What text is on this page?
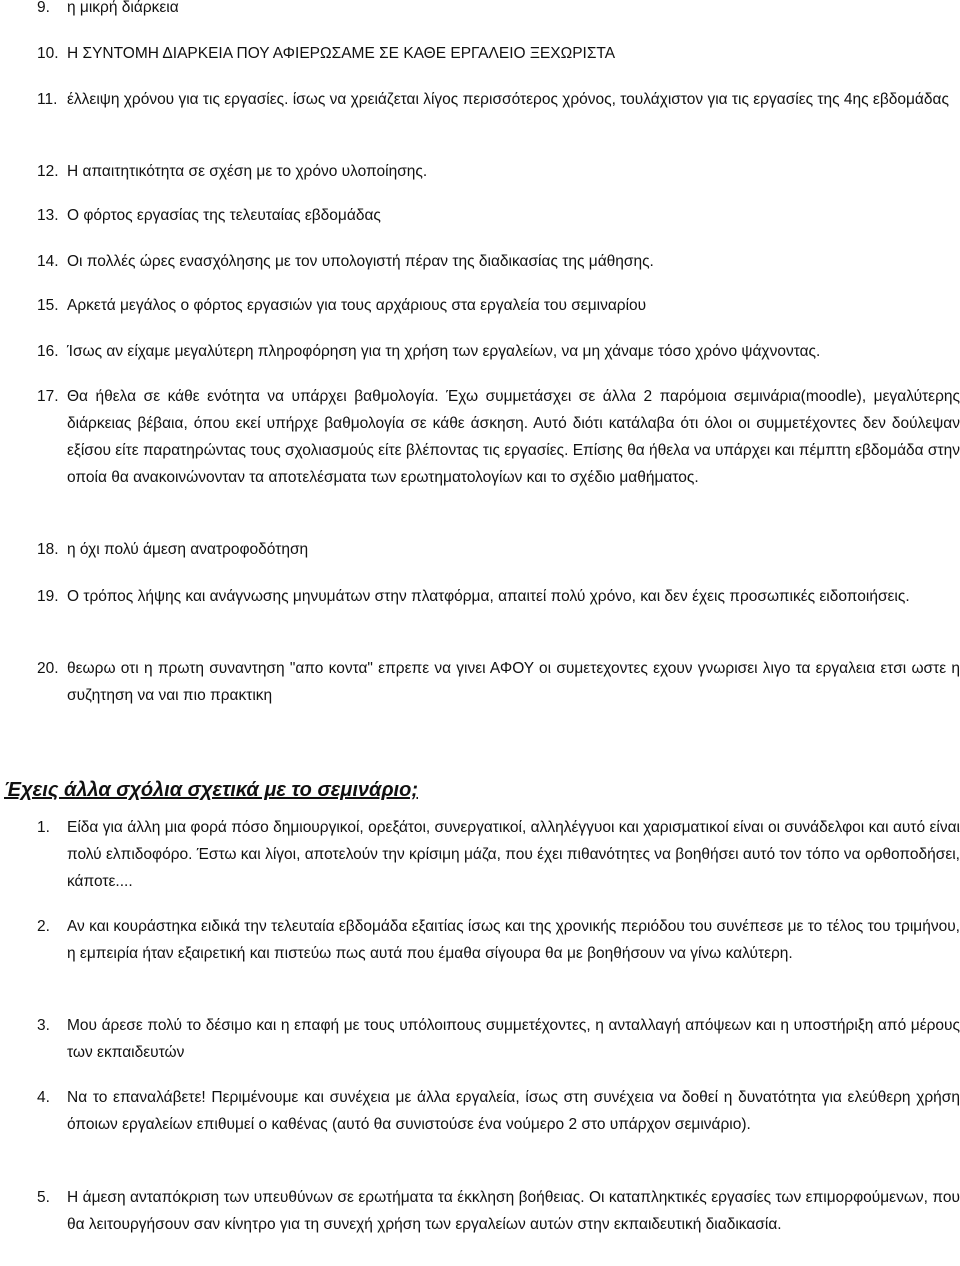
9. η μικρή διάρκεια
10. Η ΣΥΝΤΟΜΗ ΔΙΑΡΚΕΙΑ ΠΟΥ ΑΦΙΕΡΩΣΑΜΕ ΣΕ ΚΑΘΕ ΕΡΓΑΛΕΙΟ ΞΕΧΩΡΙΣΤΑ
11. έλλειψη χρόνου για τις εργασίες. ίσως να χρειάζεται λίγος περισσότερος χρόνος, τουλάχιστον για τις εργασίες της 4ης εβδομάδας
12. Η απαιτητικότητα σε σχέση με το χρόνο υλοποίησης.
13. Ο φόρτος εργασίας της τελευταίας εβδομάδας
14. Οι πολλές ώρες ενασχόλησης με τον υπολογιστή πέραν της διαδικασίας της μάθησης.
15. Αρκετά μεγάλος ο φόρτος εργασιών για τους αρχάριους στα εργαλεία του σεμιναρίου
16. Ίσως αν είχαμε μεγαλύτερη πληροφόρηση για τη χρήση των εργαλείων, να μη χάναμε τόσο χρόνο ψάχνοντας.
17. Θα ήθελα σε κάθε ενότητα να υπάρχει βαθμολογία. Έχω συμμετάσχει σε άλλα 2 παρόμοια σεμινάρια(moodle), μεγαλύτερης διάρκειας βέβαια, όπου εκεί υπήρχε βαθμολογία σε κάθε άσκηση. Αυτό διότι κατάλαβα ότι όλοι οι συμμετέχοντες δεν δούλεψαν εξίσου είτε παρατηρώντας τους σχολιασμούς είτε βλέποντας τις εργασίες. Επίσης θα ήθελα να υπάρχει και πέμπτη εβδομάδα στην οποία θα ανακοινώνονταν τα αποτελέσματα των ερωτηματολογίων και το σχέδιο μαθήματος.
18. η όχι πολύ άμεση ανατροφοδότηση
19. Ο τρόπος λήψης και ανάγνωσης μηνυμάτων στην πλατφόρμα, απαιτεί πολύ χρόνο, και δεν έχεις προσωπικές ειδοποιήσεις.
20. θεωρω οτι η πρωτη συναντηση "απο κοντα" επρεπε να γινει ΑΦΟΥ οι συμετεχοντες εχουν γνωρισει λιγο τα εργαλεια ετσι ωστε η συζητηση να ναι πιο πρακτικη
Έχεις άλλα σχόλια σχετικά με το σεμινάριο;
1. Είδα για άλλη μια φορά πόσο δημιουργικοί, ορεξάτοι, συνεργατικοί, αλληλέγγυοι και χαρισματικοί είναι οι συνάδελφοι και αυτό είναι πολύ ελπιδοφόρο. Έστω και λίγοι, αποτελούν την κρίσιμη μάζα, που έχει πιθανότητες να βοηθήσει αυτό τον τόπο να ορθοποδήσει, κάποτε....
2. Αν και κουράστηκα ειδικά την τελευταία εβδομάδα εξαιτίας ίσως και της χρονικής περιόδου του συνέπεσε με το τέλος του τριμήνου, η εμπειρία ήταν εξαιρετική και πιστεύω πως αυτά που έμαθα σίγουρα θα με βοηθήσουν να γίνω καλύτερη.
3. Μου άρεσε πολύ το δέσιμο και η επαφή με τους υπόλοιπους συμμετέχοντες, η ανταλλαγή απόψεων και η υποστήριξη από μέρους των εκπαιδευτών
4. Να το επαναλάβετε! Περιμένουμε και συνέχεια με άλλα εργαλεία, ίσως στη συνέχεια να δοθεί η δυνατότητα για ελεύθερη χρήση όποιων εργαλείων επιθυμεί ο καθένας (αυτό θα συνιστούσε ένα νούμερο 2 στο υπάρχον σεμινάριο).
5. Η άμεση ανταπόκριση των υπευθύνων σε ερωτήματα τα έκκληση βοήθειας. Οι καταπληκτικές εργασίες των επιμορφούμενων, που θα λειτουργήσουν σαν κίνητρο για τη συνεχή χρήση των εργαλείων αυτών στην εκπαιδευτική διαδικασία.
